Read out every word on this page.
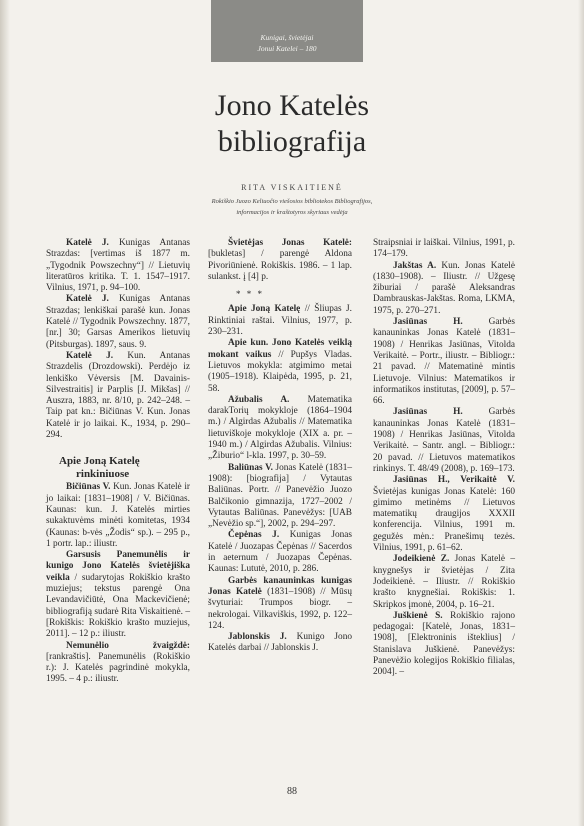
Kunigai, švietėjai
Jonui Katelei – 180
Jono Katelės
bibliografija
RITA VISKAITIENĖ
Rokiškio Juozo Keliuočio viešosios bibliotekos Bibliografijos,
informacijos ir kraštotyros skyriaus vedėja

Katelė J. Kunigas Antanas Strazdas: [vertimas iš 1877 m. „Tygodnik Powszechny“] // Lietuvių literatūros kritika. T. 1. 1547–1917. Vilnius, 1971, p. 94–100.

Katelė J. Kunigas Antanas Strazdas; lenkiškai parašė kun. Jonas Katelė // Tygodnik Powszechny. 1877, [nr.] 30; Garsas Amerikos lietuvių (Pitsburgas). 1897, saus. 9.

Katelė J. Kun. Antanas Strazdelis (Drozdowski). Perdėjo iz lenkiško Vėversis [M. Davainis-Silvestraitis] ir Parplis [J. Mikšas] // Auszra, 1883, nr. 8/10, p. 242–248. – Taip pat kn.: Bičiūnas V. Kun. Jonas Katelė ir jo laikai. K., 1934, p. 290–294.

Apie Joną Katelę
rinkiniuose

Bičiūnas V. Kun. Jonas Katelė ir jo laikai: [1831–1908] / V. Bičiūnas. Kaunas: kun. J. Katelės mirties sukaktuvėms minėti komitetas, 1934 (Kaunas: b-vės „Žodis“ sp.). – 295 p., 1 portr. lap.: iliustr.

Garsusis Panemunėlis ir kunigo Jono Katelės švietėjiška veikla / sudarytojas Rokiškio krašto muziejus; tekstus parengė Ona Levandavičiūtė, Ona Mackevičienė; bibliografiją sudarė Rita Viskaitienė. – [Rokiškis: Rokiškio krašto muziejus, 2011]. – 12 p.: iliustr.

Nemunėlio žvaigždė: [rankraštis]. Panemunėlis (Rokiškio r.): J. Katelės pagrindinė mokykla, 1995. – 4 p.: iliustr.

Švietėjas Jonas Katelė: [bukletas] / parengė Aldona Pivoriūnienė. Rokiškis. 1986. – 1 lap. sulankst. į [4] p.

* * *

Apie Joną Katelę // Šliupas J. Rinktiniai raštai. Vilnius, 1977, p. 230–231.

Apie kun. Jono Katelės veiklą mokant vaikus // Pupšys Vladas. Lietuvos mokykla: atgimimo metai (1905–1918). Klaipėda, 1995, p. 21, 58.

Ažubalis A. Matematika darakTorių mokykloje (1864–1904 m.) / Algirdas Ažubalis // Matematika lietuviškoje mokykloje (XIX a. pr. – 1940 m.) / Algirdas Ažubalis. Vilnius: „Žiburio“ l-kla. 1997, p. 30–59.

Baliūnas V. Jonas Katelė (1831–1908): [biografija] / Vytautas Baliūnas. Portr. // Panevėžio Juozo Balčikonio gimnazija, 1727–2002 / Vytautas Baliūnas. Panevėžys: [UAB „Nevėžio sp.“], 2002, p. 294–297.

Čepėnas J. Kunigas Jonas Katelė / Juozapas Čepėnas // Sacerdos in aeternum / Juozapas Čepėnas. Kaunas: Lututė, 2010, p. 286.

Garbės kanauninkas kunigas Jonas Katelė (1831–1908) // Mūsų švyturiai: Trumpos biogr. – nekrologai. Vilkaviškis, 1992, p. 122–124.

Jablonskis J. Kunigo Jono Katelės darbai // Jablonskis J.

Straipsniai ir laiškai. Vilnius, 1991, p. 174–179.

Jakštas A. Kun. Jonas Katelė (1830–1908). – Iliustr. // Užgesę žiburiai / parašė Aleksandras Dambrauskas-Jakštas. Roma, LKMA, 1975, p. 270–271.

Jasiūnas H. Garbės kanauninkas Jonas Katelė (1831–1908) / Henrikas Jasiūnas, Vitolda Verikaitė. – Portr., iliustr. – Bibliogr.: 21 pavad. // Matematinė mintis Lietuvoje. Vilnius: Matematikos ir informatikos institutas, [2009], p. 57–66.

Jasiūnas H. Garbės kanauninkas Jonas Katelė (1831–1908) / Henrikas Jasiūnas, Vitolda Verikaitė. – Santr. angl. – Bibliogr.: 20 pavad. // Lietuvos matematikos rinkinys. T. 48/49 (2008), p. 169–173.

Jasiūnas H., Verikaitė V. Švietėjas kunigas Jonas Katelė: 160 gimimo metinėms // Lietuvos matematikų draugijos XXXII konferencija. Vilnius, 1991 m. gegužės mėn.: Pranešimų tezės. Vilnius, 1991, p. 61–62.

Jodeikienė Z. Jonas Katelė – knygnešys ir švietėjas / Zita Jodeikienė. – Iliustr. // Rokiškio krašto knygnešiai. Rokiškis: 1. Skripkos įmonė, 2004, p. 16–21.

Juškienė S. Rokiškio rajono pedagogai: [Katelė, Jonas, 1831–1908], [Elektroninis išteklius] / Stanislava Juškienė. Panevėžys: Panevėžio kolegijos Rokiškio filialas, 2004]. –

88
